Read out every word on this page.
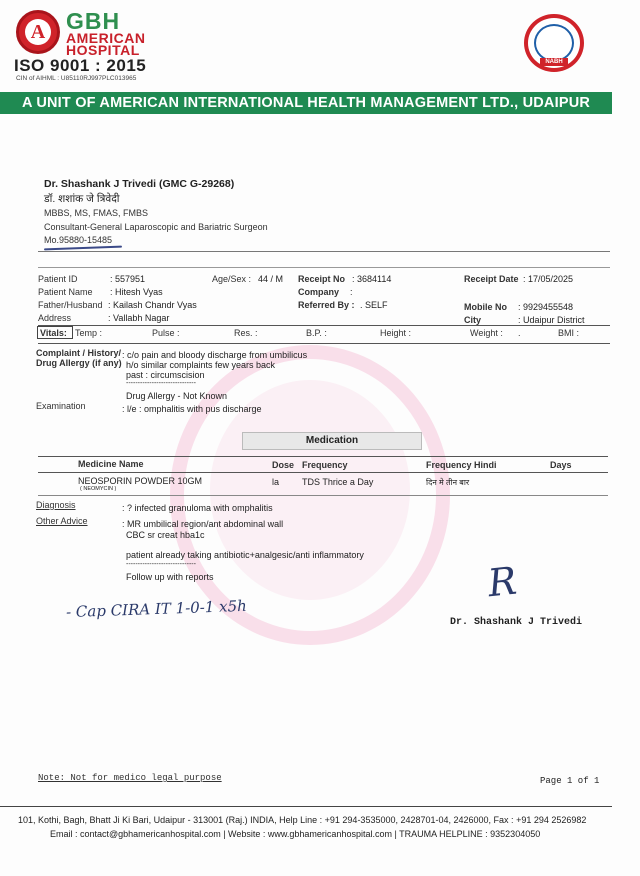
A GBH
AMERICAN
HOSPITAL
ISO 9001 : 2015
CIN of AIHML : U85110RJ997PLC013965
NABH
A UNIT OF AMERICAN INTERNATIONAL HEALTH MANAGEMENT LTD., UDAIPUR
Dr. Shashank J Trivedi (GMC G-29268)
डॉ. शशांक जे त्रिवेदी
MBBS, MS, FMAS, FMBS
Consultant-General Laparoscopic and Bariatric Surgeon
Mo.95880-15485
Patient ID	: 557951
Patient Name : Hitesh Vyas
Father/Husband : Kailash Chandr Vyas
Address	: Vallabh Nagar
Age/Sex : 44 / M Receipt No : 3684114
Company :
Referred By : . SELF
Receipt Date : 17/05/2025
Mobile No : 9929455548
City	: Udaipur District
Vitals: Temp :	Pulse :	Res. :	B.P. :	Height :	Weight : .	BMI :
Complaint / History/
Drug Allergy (if any)
: c/o pain and bloody discharge from umbilicus
h/o similar complaints few years back
past : circumscision
------------------------------
Drug Allergy - Not Known
Examination	: l/e : omphalitis with pus discharge
Medication
Medicine Name	Dose Frequency	Frequency Hindi	Days
NEOSPORIN POWDER 10GM
( NEOMYCIN )
la	TDS Thrice a Day	दिन मे तीन बार
Diagnosis	: ? infected granuloma with omphalitis
Other Advice	: MR umbilical region/ant abdominal wall
CBC sr creat hba1c
patient already taking antibiotic+analgesic/anti inflammatory
------------------------------
Follow up with reports
- Cap CIRA IT 1-0-1 x5h
R
Dr. Shashank J Trivedi
Note: Not for medico legal purpose	Page 1 of 1
101, Kothi, Bagh, Bhatt Ji Ki Bari, Udaipur - 313001 (Raj.) INDIA, Help Line : +91 294-3535000, 2428701-04, 2426000, Fax : +91 294 2526982
Email : contact@gbhamericanhospital.com | Website : www.gbhamericanhospital.com | TRAUMA HELPLINE : 9352304050
